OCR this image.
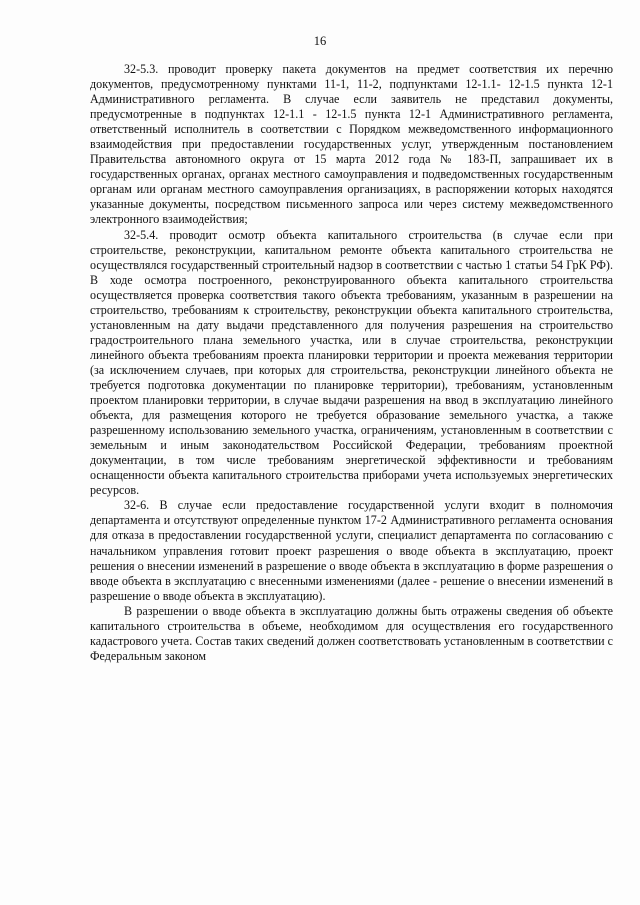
16

32-5.3. проводит проверку пакета документов на предмет соответствия их перечню документов, предусмотренному пунктами 11-1, 11-2, подпунктами 12-1.1- 12-1.5 пункта 12-1 Административного регламента. В случае если заявитель не представил документы, предусмотренные в подпунктах 12-1.1 - 12-1.5 пункта 12-1 Административного регламента, ответственный исполнитель в соответствии с Порядком межведомственного информационного взаимодействия при предоставлении государственных услуг, утвержденным постановлением Правительства автономного округа от 15 марта 2012 года № 183-П, запрашивает их в государственных органах, органах местного самоуправления и подведомственных государственным органам или органам местного самоуправления организациях, в распоряжении которых находятся указанные документы, посредством письменного запроса или через систему межведомственного электронного взаимодействия;

32-5.4. проводит осмотр объекта капитального строительства (в случае если при строительстве, реконструкции, капитальном ремонте объекта капитального строительства не осуществлялся государственный строительный надзор в соответствии с частью 1 статьи 54 ГрК РФ). В ходе осмотра построенного, реконструированного объекта капитального строительства осуществляется проверка соответствия такого объекта требованиям, указанным в разрешении на строительство, требованиям к строительству, реконструкции объекта капитального строительства, установленным на дату выдачи представленного для получения разрешения на строительство градостроительного плана земельного участка, или в случае строительства, реконструкции линейного объекта требованиям проекта планировки территории и проекта межевания территории (за исключением случаев, при которых для строительства, реконструкции линейного объекта не требуется подготовка документации по планировке территории), требованиям, установленным проектом планировки территории, в случае выдачи разрешения на ввод в эксплуатацию линейного объекта, для размещения которого не требуется образование земельного участка, а также разрешенному использованию земельного участка, ограничениям, установленным в соответствии с земельным и иным законодательством Российской Федерации, требованиям проектной документации, в том числе требованиям энергетической эффективности и требованиям оснащенности объекта капитального строительства приборами учета используемых энергетических ресурсов.

32-6. В случае если предоставление государственной услуги входит в полномочия департамента и отсутствуют определенные пунктом 17-2 Административного регламента основания для отказа в предоставлении государственной услуги, специалист департамента по согласованию с начальником управления готовит проект разрешения о вводе объекта в эксплуатацию, проект решения о внесении изменений в разрешение о вводе объекта в эксплуатацию в форме разрешения о вводе объекта в эксплуатацию с внесенными изменениями (далее - решение о внесении изменений в разрешение о вводе объекта в эксплуатацию).

В разрешении о вводе объекта в эксплуатацию должны быть отражены сведения об объекте капитального строительства в объеме, необходимом для осуществления его государственного кадастрового учета. Состав таких сведений должен соответствовать установленным в соответствии с Федеральным законом
